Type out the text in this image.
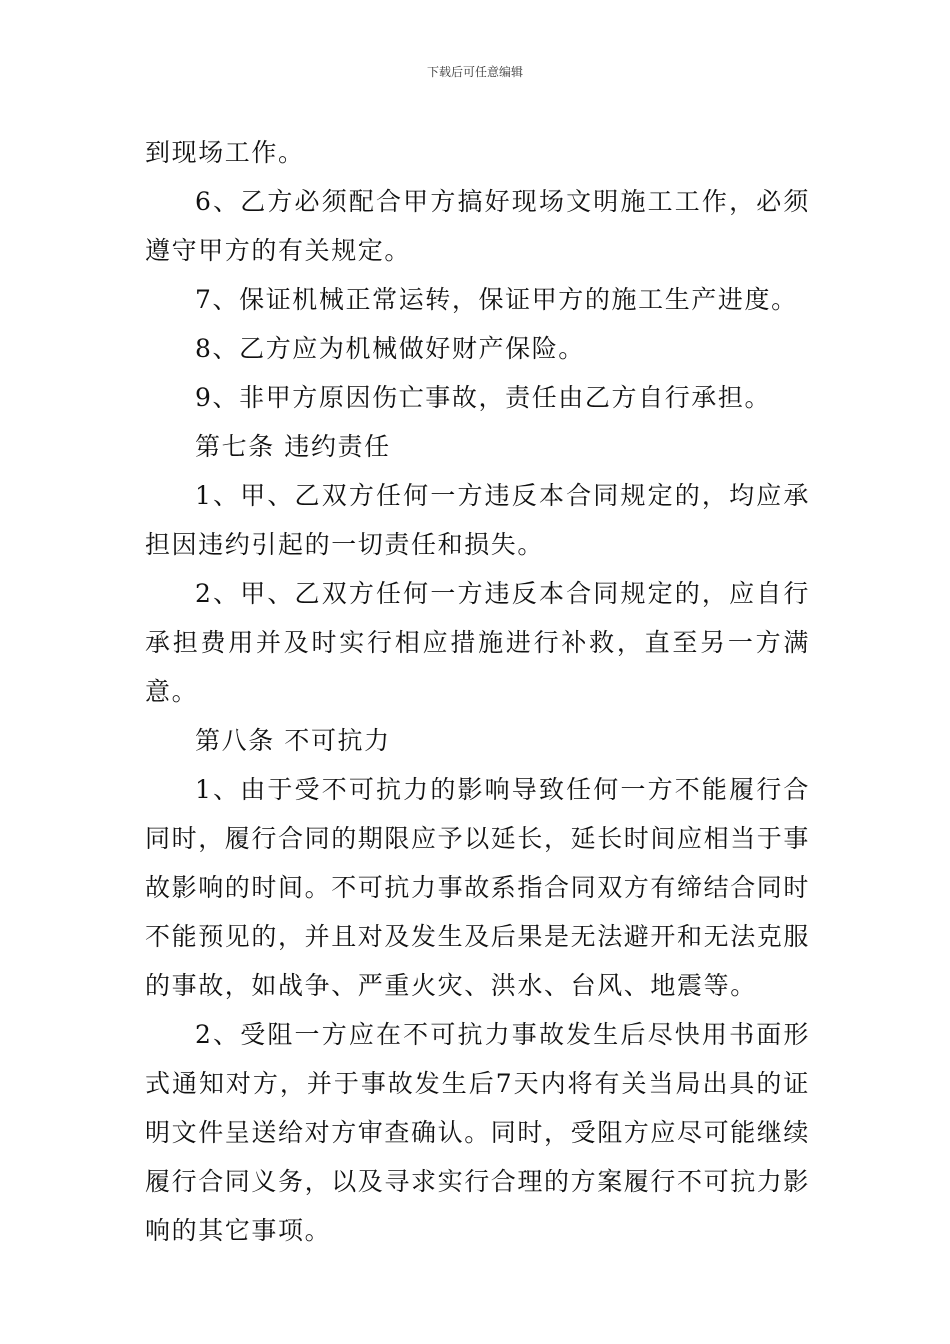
下载后可任意编辑

到现场工作。

6、乙方必须配合甲方搞好现场文明施工工作，必须遵守甲方的有关规定。

7、保证机械正常运转，保证甲方的施工生产进度。

8、乙方应为机械做好财产保险。

9、非甲方原因伤亡事故，责任由乙方自行承担。

第七条 违约责任

1、甲、乙双方任何一方违反本合同规定的，均应承担因违约引起的一切责任和损失。

2、甲、乙双方任何一方违反本合同规定的，应自行承担费用并及时实行相应措施进行补救，直至另一方满意。

第八条 不可抗力

1、由于受不可抗力的影响导致任何一方不能履行合同时，履行合同的期限应予以延长，延长时间应相当于事故影响的时间。不可抗力事故系指合同双方有缔结合同时不能预见的，并且对及发生及后果是无法避开和无法克服的事故，如战争、严重火灾、洪水、台风、地震等。

2、受阻一方应在不可抗力事故发生后尽快用书面形式通知对方，并于事故发生后7天内将有关当局出具的证明文件呈送给对方审查确认。同时，受阻方应尽可能继续履行合同义务，以及寻求实行合理的方案履行不可抗力影响的其它事项。
